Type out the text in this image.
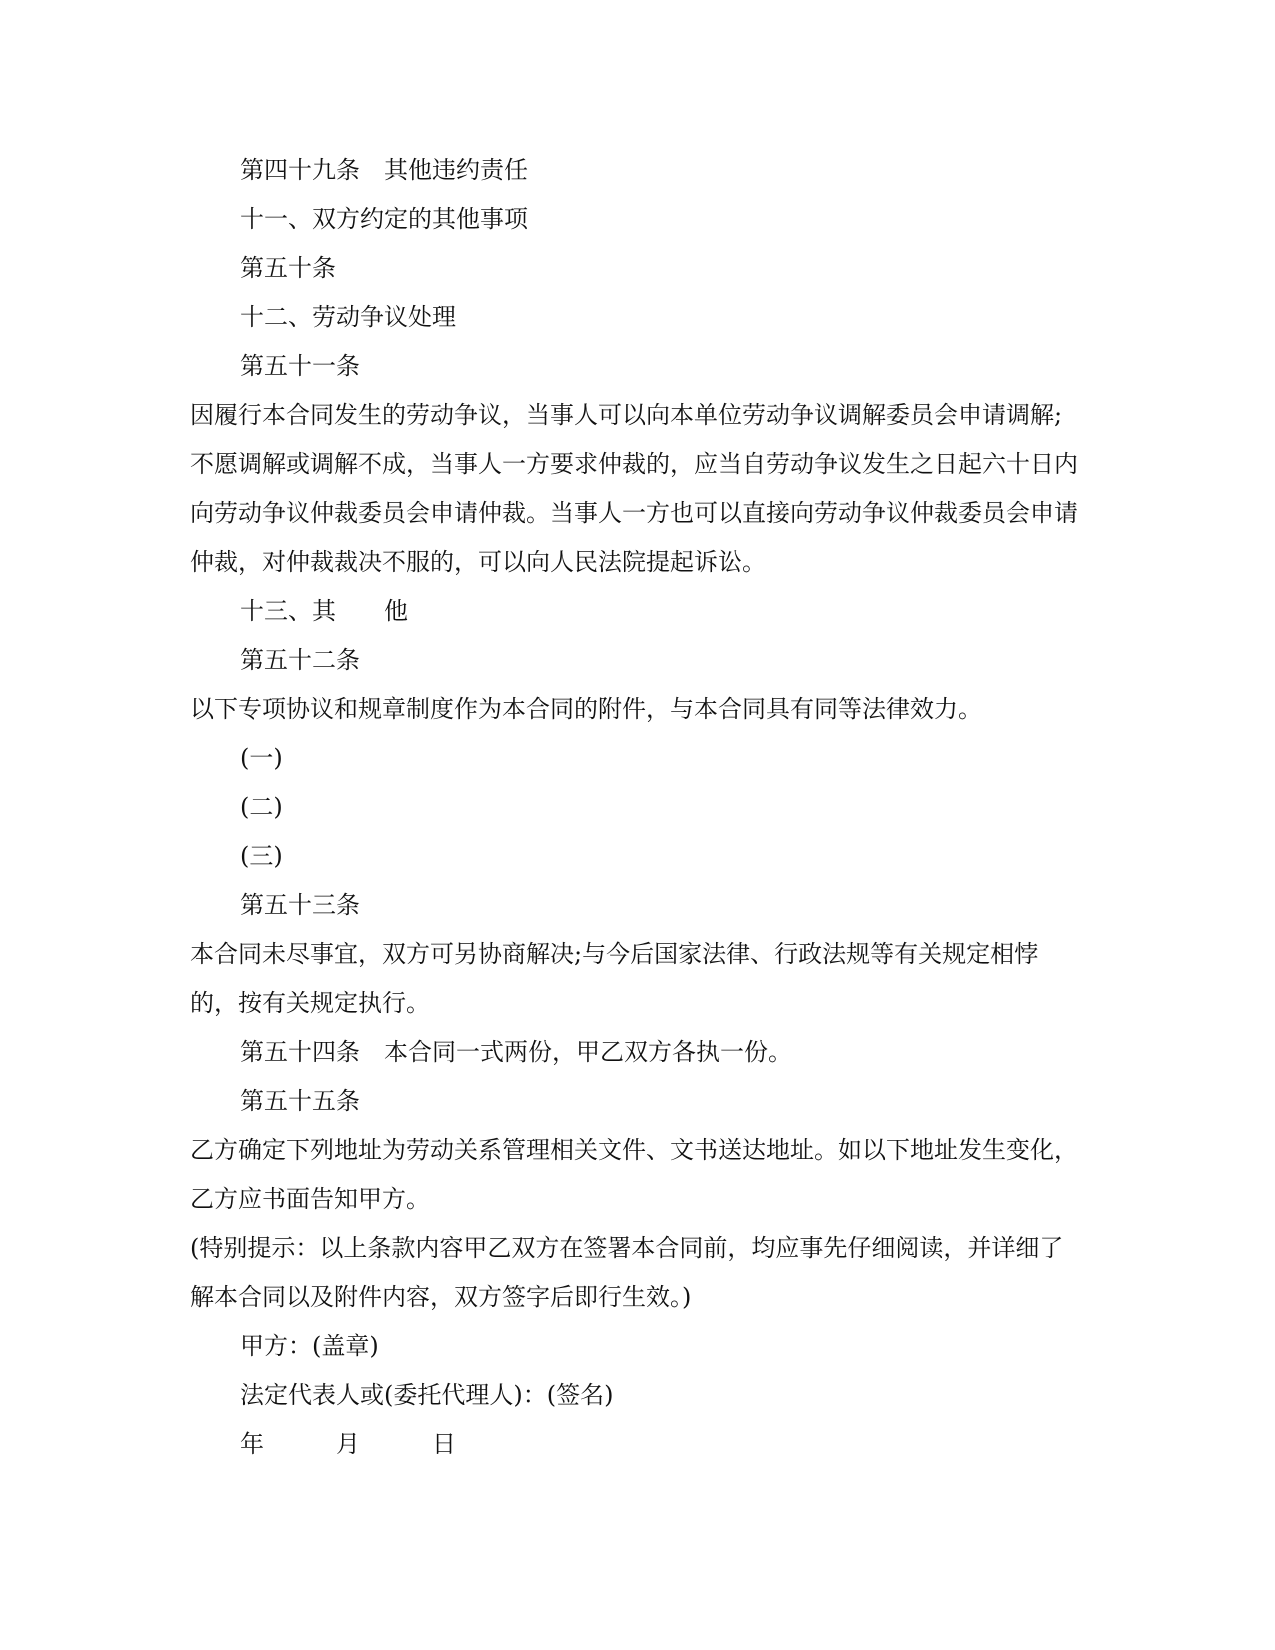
第四十九条　其他违约责任
十一、双方约定的其他事项
第五十条
十二、劳动争议处理
第五十一条
因履行本合同发生的劳动争议，当事人可以向本单位劳动争议调解委员会申请调解;不愿调解或调解不成，当事人一方要求仲裁的，应当自劳动争议发生之日起六十日内向劳动争议仲裁委员会申请仲裁。当事人一方也可以直接向劳动争议仲裁委员会申请仲裁，对仲裁裁决不服的，可以向人民法院提起诉讼。
十三、其　　他
第五十二条
以下专项协议和规章制度作为本合同的附件，与本合同具有同等法律效力。
(一)
(二)
(三)
第五十三条
本合同未尽事宜，双方可另协商解决;与今后国家法律、行政法规等有关规定相悖的，按有关规定执行。
第五十四条　本合同一式两份，甲乙双方各执一份。
第五十五条
乙方确定下列地址为劳动关系管理相关文件、文书送达地址。如以下地址发生变化，乙方应书面告知甲方。
(特别提示：以上条款内容甲乙双方在签署本合同前，均应事先仔细阅读，并详细了解本合同以及附件内容，双方签字后即行生效。)
甲方：(盖章)
法定代表人或(委托代理人)：(签名)
年　　　月　　　日
